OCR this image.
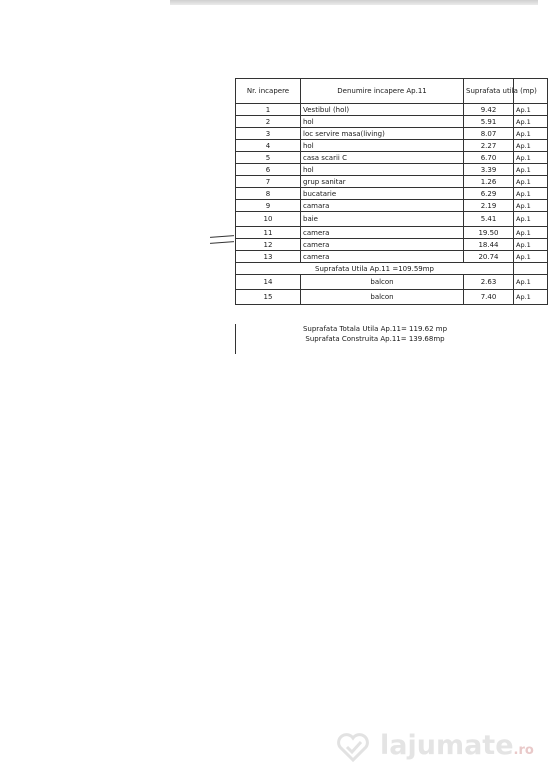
Nr. incapere	Denumire incapere Ap.11	Suprafata utila (mp)	
1	Vestibul (hol)	9.42	Ap.1
2	hol	5.91	Ap.1
3	loc servire masa(living)	8.07	Ap.1
4	hol	2.27	Ap.1
5	casa scarii C	6.70	Ap.1
6	hol	3.39	Ap.1
7	grup sanitar	1.26	Ap.1
8	bucatarie	6.29	Ap.1
9	camara	2.19	Ap.1
10	baie	5.41	Ap.1
11	camera	19.50	Ap.1
12	camera	18.44	Ap.1
13	camera	20.74	Ap.1
Suprafata Utila Ap.11 =109.59mp			
14	balcon	2.63	Ap.1
15	balcon	7.40	Ap.1
Suprafata Totala Utila Ap.11= 119.62 mp
Suprafata Construita Ap.11= 139.68mp
lajumate.ro
